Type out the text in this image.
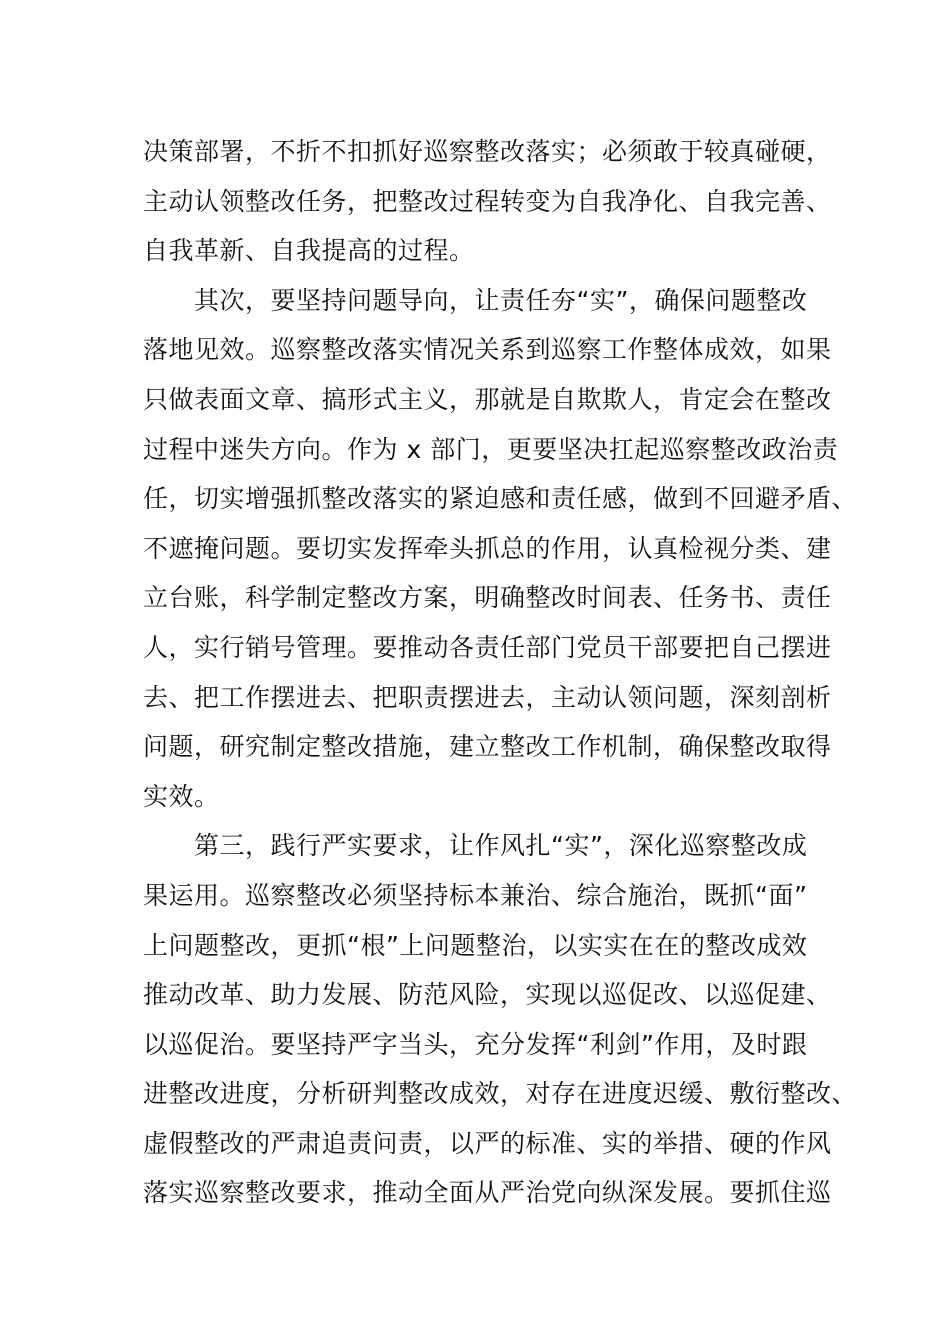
决策部署，不折不扣抓好巡察整改落实；必须敢于较真碰硬，
主动认领整改任务，把整改过程转变为自我净化、自我完善、
自我革新、自我提高的过程。
　　其次，要坚持问题导向，让责任夯“实”，确保问题整改
落地见效。巡察整改落实情况关系到巡察工作整体成效，如果
只做表面文章、搞形式主义，那就是自欺欺人，肯定会在整改
过程中迷失方向。作为 x 部门，更要坚决扛起巡察整改政治责
任，切实增强抓整改落实的紧迫感和责任感，做到不回避矛盾、
不遮掩问题。要切实发挥牵头抓总的作用，认真检视分类、建
立台账，科学制定整改方案，明确整改时间表、任务书、责任
人，实行销号管理。要推动各责任部门党员干部要把自己摆进
去、把工作摆进去、把职责摆进去，主动认领问题，深刻剖析
问题，研究制定整改措施，建立整改工作机制，确保整改取得
实效。
　　第三，践行严实要求，让作风扎“实”，深化巡察整改成
果运用。巡察整改必须坚持标本兼治、综合施治，既抓“面”
上问题整改，更抓“根”上问题整治，以实实在在的整改成效
推动改革、助力发展、防范风险，实现以巡促改、以巡促建、
以巡促治。要坚持严字当头，充分发挥“利剑”作用，及时跟
进整改进度，分析研判整改成效，对存在进度迟缓、敷衍整改、
虚假整改的严肃追责问责，以严的标准、实的举措、硬的作风
落实巡察整改要求，推动全面从严治党向纵深发展。要抓住巡
